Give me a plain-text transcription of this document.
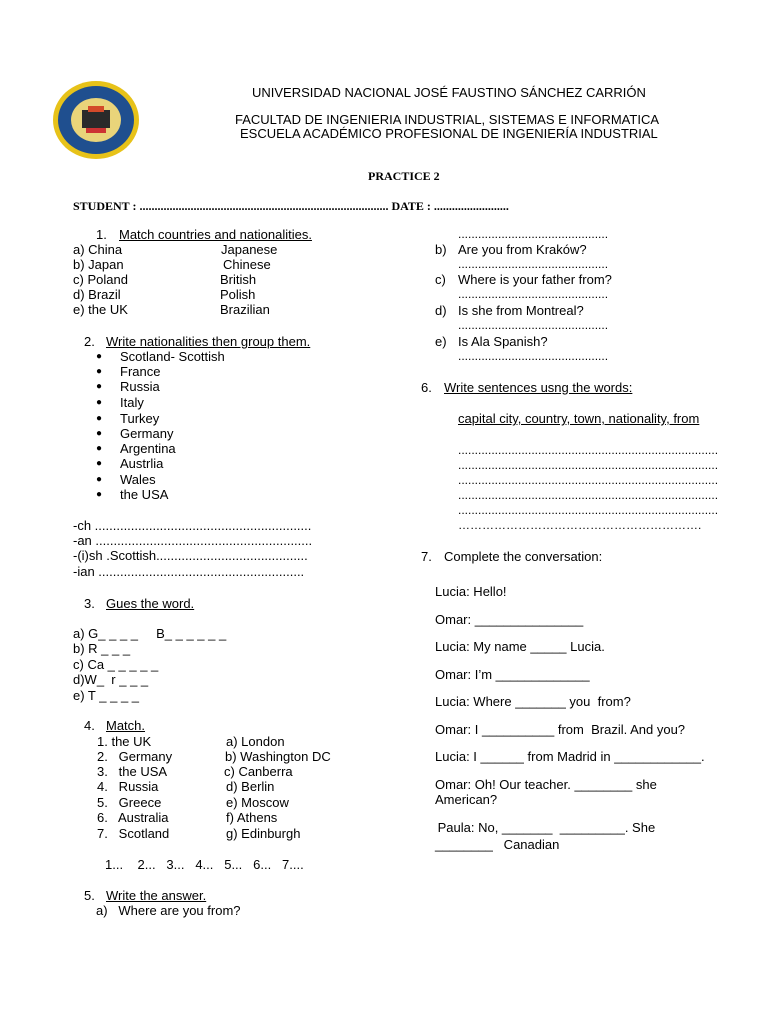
UNIVERSIDAD NACIONAL JOSÉ FAUSTINO SÁNCHEZ CARRIÓN
FACULTAD DE INGENIERIA INDUSTRIAL, SISTEMAS E INFORMATICA
ESCUELA ACADÉMICO PROFESIONAL DE INGENIERÍA INDUSTRIAL
PRACTICE 2
STUDENT : ................................................................................... DATE : .........................
1. Match countries and nationalities.
a) China
b) Japan
c) Poland
d) Brazil
e) the UK
Japanese
Chinese
British
Polish
Brazilian
2. Write nationalities then group them.
● Scotland- Scottish
● France
● Russia
● Italy
● Turkey
● Germany
● Argentina
● Austrlia
● Wales
● the USA
-ch ............................................................
-an ............................................................
-(i)sh .Scottish..........................................
-ian .........................................................
3. Gues the word.
a) G_ _ _ _     B_ _ _ _ _ _
b) R _ _ _
c) Ca _ _ _ _ _
d)W_  r _ _ _
e) T _ _ _ _
4. Match.
1. the UK
2.   Germany
3.   the USA
4.   Russia
5.   Greece
6.   Australia
7.   Scotland
a) London
b) Washington DC
c) Canberra
d) Berlin
e) Moscow
f) Athens
g) Edinburgh
1...    2...   3...   4...   5...   6...   7....
5. Write the answer.
a)   Where are you from?
.............................................
b) Are you from Kraków?
.............................................
c) Where is your father from?
.............................................
d) Is she from Montreal?
.............................................
e) Is Ala Spanish?
.............................................
6. Write sentences usng the words:
capital city, country, town, nationality, from
..............................................................................
..............................................................................
..............................................................................
..............................................................................
..............................................................................
…………………………………………………….
7. Complete the conversation:
Lucia: Hello!
Omar: _______________
Lucia: My name _____ Lucia.
Omar: I’m _____________
Lucia: Where _______ you  from?
Omar: I __________ from  Brazil. And you?
Lucia: I ______ from Madrid in ____________.
Omar: Oh! Our teacher. ________ she
American?
Paula: No, _______  _________. She
________   Canadian
